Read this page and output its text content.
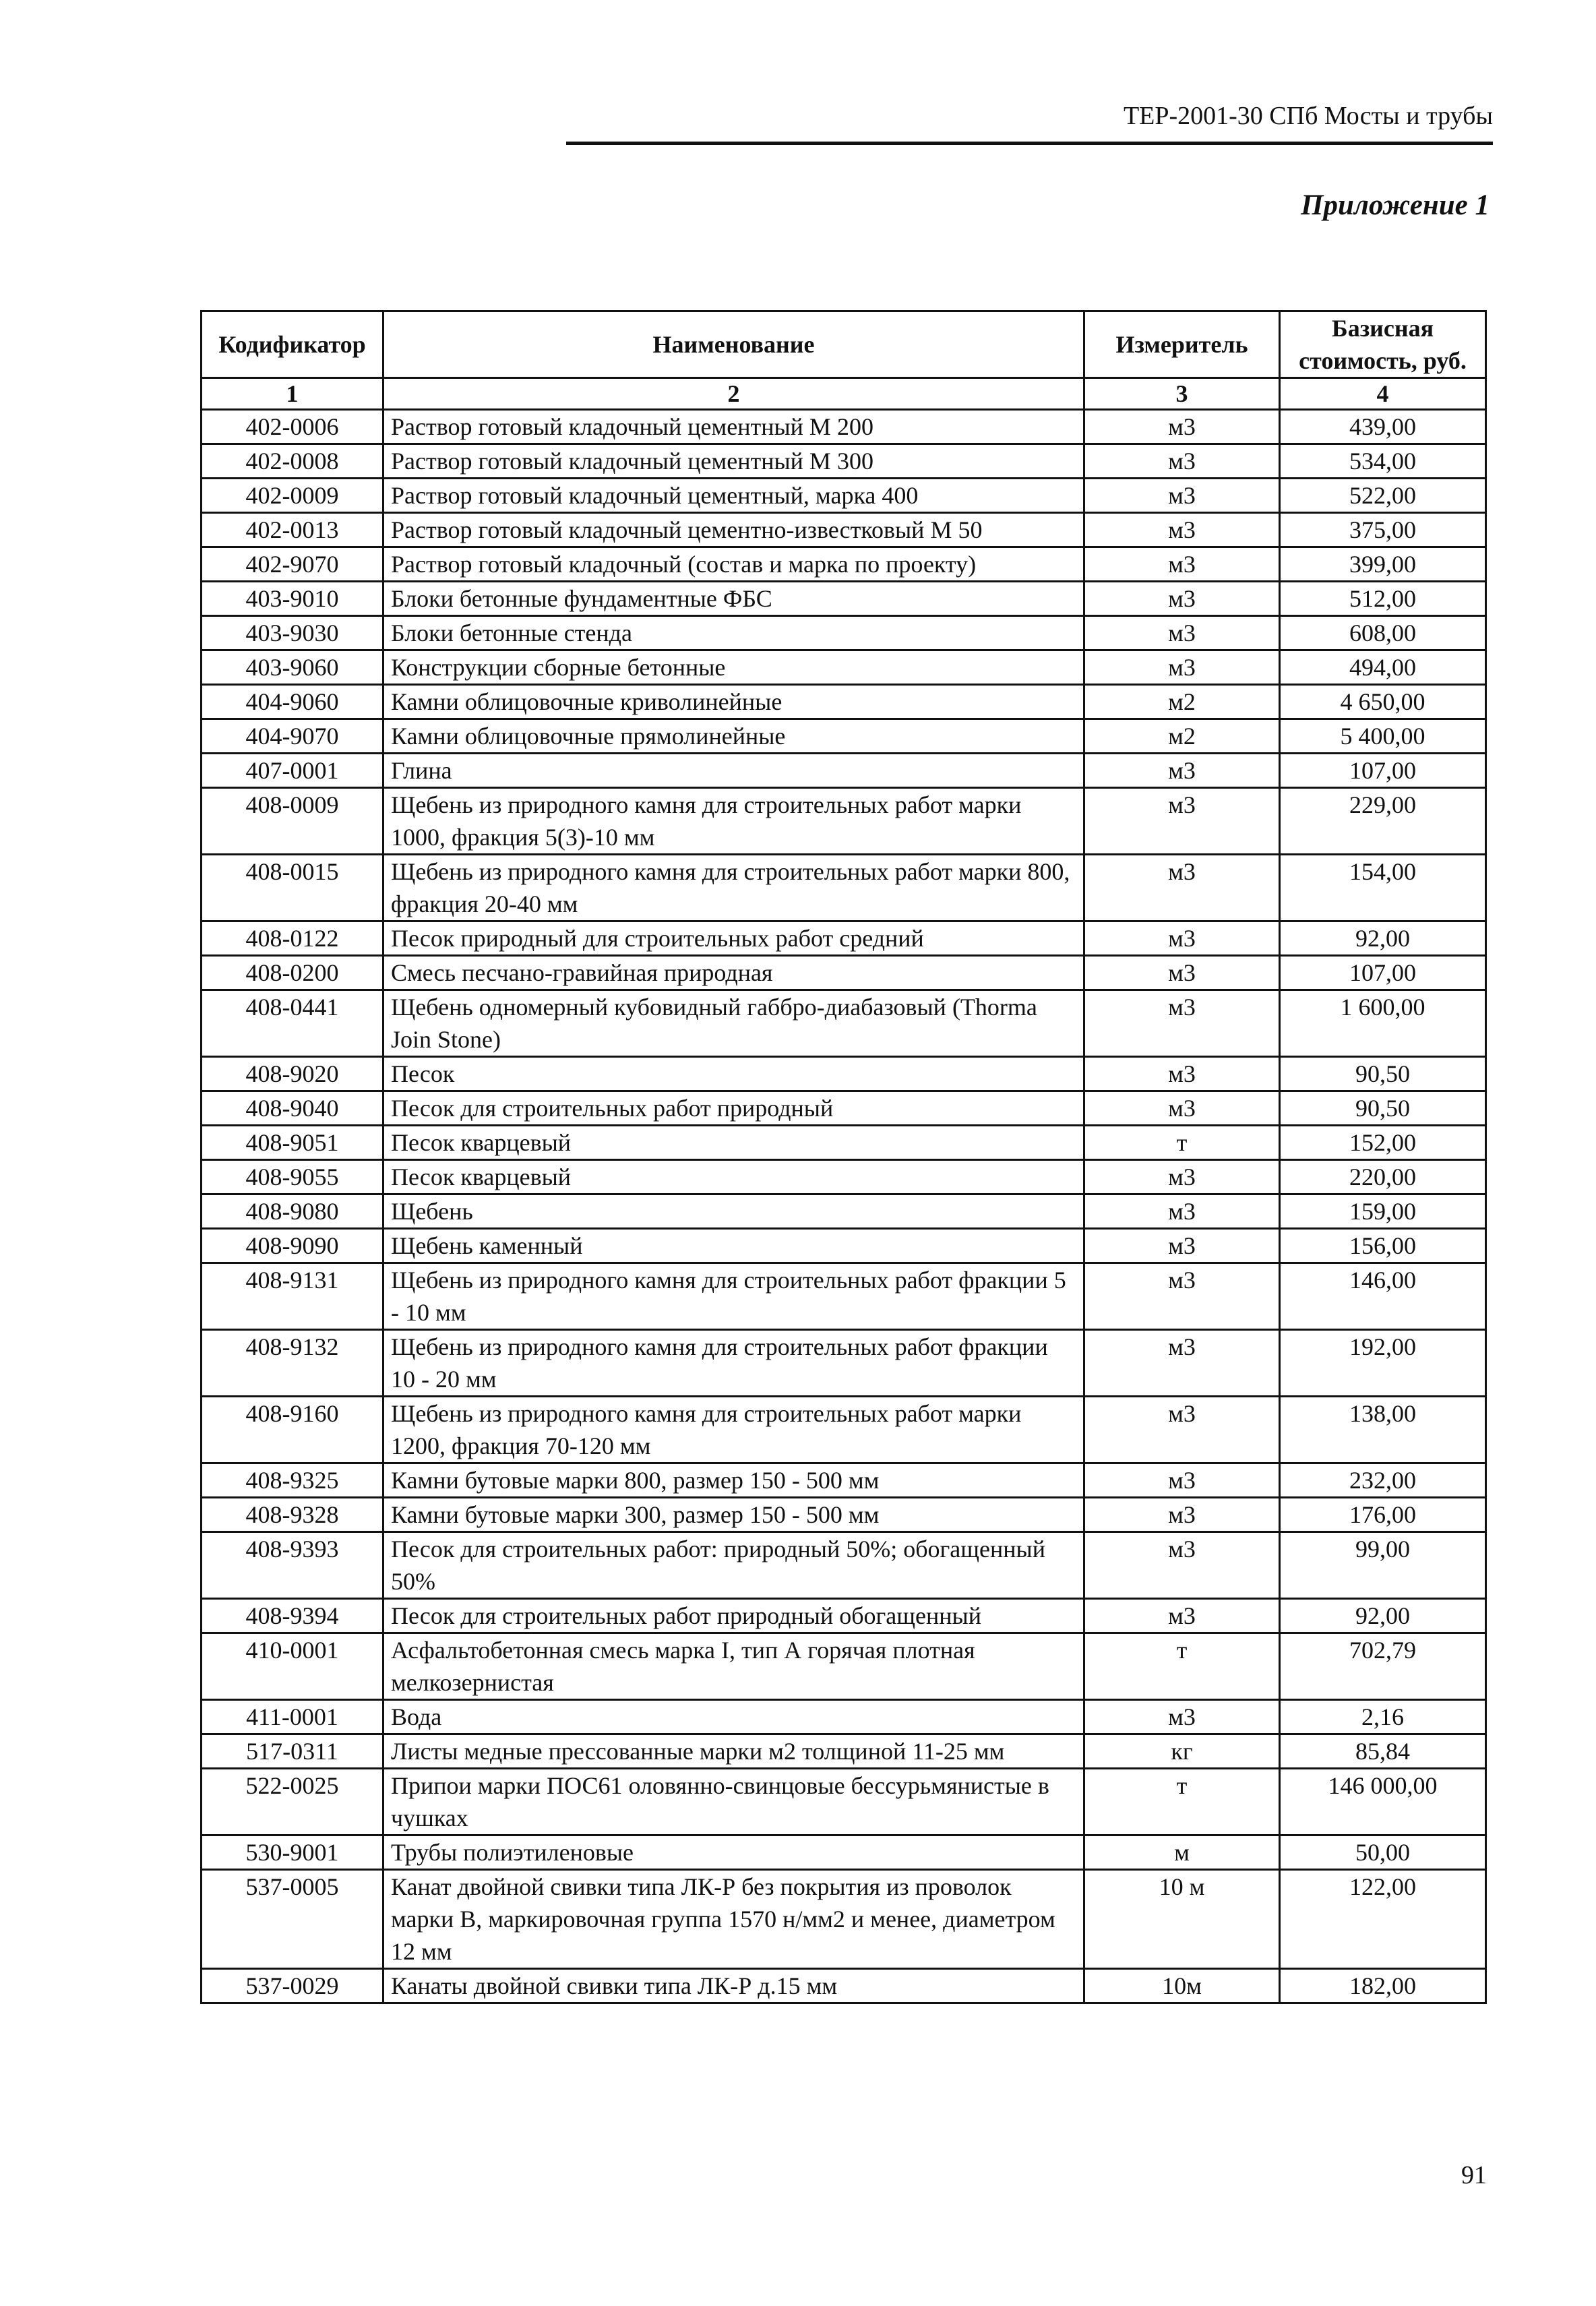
ТЕР-2001-30 СПб Мосты и трубы
Приложение 1
Кодификатор	Наименование	Измеритель	Базисная стоимость, руб.
1	2	3	4
402-0006	Раствор готовый кладочный цементный М 200	м3	439,00
402-0008	Раствор готовый кладочный цементный М 300	м3	534,00
402-0009	Раствор готовый кладочный цементный, марка 400	м3	522,00
402-0013	Раствор готовый кладочный цементно-известковый М 50	м3	375,00
402-9070	Раствор готовый кладочный (состав и марка по проекту)	м3	399,00
403-9010	Блоки бетонные фундаментные ФБС	м3	512,00
403-9030	Блоки бетонные стенда	м3	608,00
403-9060	Конструкции сборные бетонные	м3	494,00
404-9060	Камни облицовочные криволинейные	м2	4 650,00
404-9070	Камни облицовочные прямолинейные	м2	5 400,00
407-0001	Глина	м3	107,00
408-0009	Щебень из природного камня для строительных работ марки 1000, фракция 5(3)-10 мм	м3	229,00
408-0015	Щебень из природного камня для строительных работ марки 800, фракция 20-40 мм	м3	154,00
408-0122	Песок природный для строительных работ средний	м3	92,00
408-0200	Смесь песчано-гравийная природная	м3	107,00
408-0441	Щебень одномерный кубовидный габбро-диабазовый (Thorma Join Stone)	м3	1 600,00
408-9020	Песок	м3	90,50
408-9040	Песок для строительных работ природный	м3	90,50
408-9051	Песок кварцевый	т	152,00
408-9055	Песок кварцевый	м3	220,00
408-9080	Щебень	м3	159,00
408-9090	Щебень каменный	м3	156,00
408-9131	Щебень из природного камня для строительных работ фракции 5 - 10 мм	м3	146,00
408-9132	Щебень из природного камня для строительных работ фракции 10 - 20 мм	м3	192,00
408-9160	Щебень из природного камня для строительных работ марки 1200, фракция 70-120 мм	м3	138,00
408-9325	Камни бутовые марки 800, размер 150 - 500 мм	м3	232,00
408-9328	Камни бутовые марки 300, размер 150 - 500 мм	м3	176,00
408-9393	Песок для строительных работ: природный 50%; обогащенный 50%	м3	99,00
408-9394	Песок для строительных работ природный обогащенный	м3	92,00
410-0001	Асфальтобетонная смесь марка I, тип А горячая плотная мелкозернистая	т	702,79
411-0001	Вода	м3	2,16
517-0311	Листы медные прессованные марки м2 толщиной 11-25 мм	кг	85,84
522-0025	Припои марки ПОС61 оловянно-свинцовые бессурьмянистые в чушках	т	146 000,00
530-9001	Трубы полиэтиленовые	м	50,00
537-0005	Канат двойной свивки типа ЛК-Р без покрытия из проволок марки В, маркировочная группа 1570 н/мм2 и менее, диаметром 12 мм	10 м	122,00
537-0029	Канаты двойной свивки типа ЛК-Р д.15 мм	10м	182,00
91
